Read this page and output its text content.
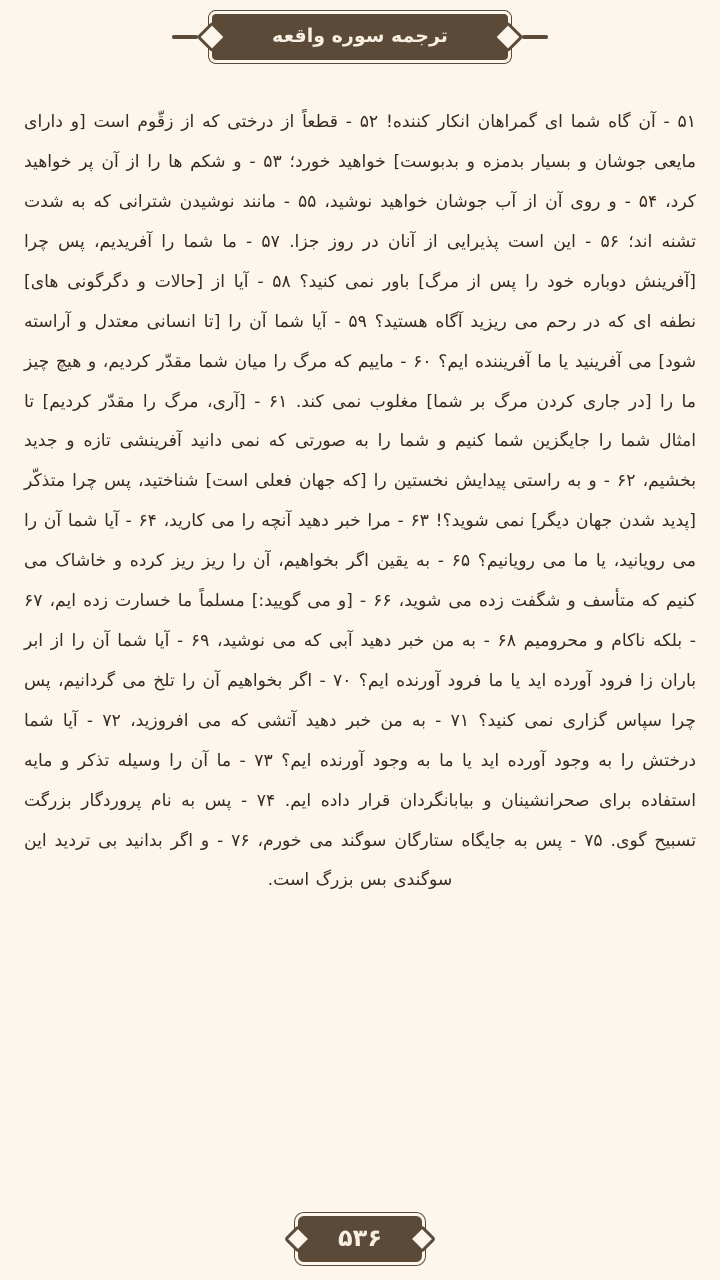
ترجمه سوره واقعه

۵۱ - آن گاه شما ای گمراهان انکار کننده! ۵۲ - قطعاً از درختی که از زقّوم است [و دارای مایعی جوشان و بسیار بدمزه و بدبوست] خواهید خورد؛ ۵۳ - و شکم ها را از آن پر خواهید کرد، ۵۴ - و روی آن از آب جوشان خواهید نوشید، ۵۵ - مانند نوشیدن شترانی که به شدت تشنه اند؛ ۵۶ - این است پذیرایی از آنان در روز جزا. ۵۷ - ما شما را آفریدیم، پس چرا [آفرینش دوباره خود را پس از مرگ] باور نمی کنید؟ ۵۸ - آیا از [حالات و دگرگونی های] نطفه ای که در رحم می ریزید آگاه هستید؟ ۵۹ - آیا شما آن را [تا انسانی معتدل و آراسته شود] می آفرینید یا ما آفریننده ایم؟ ۶۰ - ماییم که مرگ را میان شما مقدّر کردیم، و هیچ چیز ما را [در جاری کردن مرگ بر شما] مغلوب نمی کند. ۶۱ - [آری، مرگ را مقدّر کردیم] تا امثال شما را جایگزین شما کنیم و شما را به صورتی که نمی دانید آفرینشی تازه و جدید بخشیم، ۶۲ - و به راستی پیدایش نخستین را [که جهان فعلی است] شناختید، پس چرا متذکّر [پدید شدن جهان دیگر] نمی شوید؟! ۶۳ - مرا خبر دهید آنچه را می کارید، ۶۴ - آیا شما آن را می رویانید، یا ما می رویانیم؟ ۶۵ - به یقین اگر بخواهیم، آن را ریز ریز کرده و خاشاک می کنیم که متأسف و شگفت زده می شوید، ۶۶ - [و می گویید:] مسلماً ما خسارت زده ایم، ۶۷ - بلکه ناکام و محرومیم ۶۸ - به من خبر دهید آبی که می نوشید، ۶۹ - آیا شما آن را از ابر باران زا فرود آورده اید یا ما فرود آورنده ایم؟ ۷۰ - اگر بخواهیم آن را تلخ می گردانیم، پس چرا سپاس گزاری نمی کنید؟ ۷۱ - به من خبر دهید آتشی که می افروزید، ۷۲ - آیا شما درختش را به وجود آورده اید یا ما به وجود آورنده ایم؟ ۷۳ - ما آن را وسیله تذکر و مایه استفاده برای صحرانشینان و بیابانگردان قرار داده ایم. ۷۴ - پس به نام پروردگار بزرگت تسبیح گوی. ۷۵ - پس به جایگاه ستارگان سوگند می خورم، ۷۶ - و اگر بدانید بی تردید این سوگندی بس بزرگ است.

۵۳۶
